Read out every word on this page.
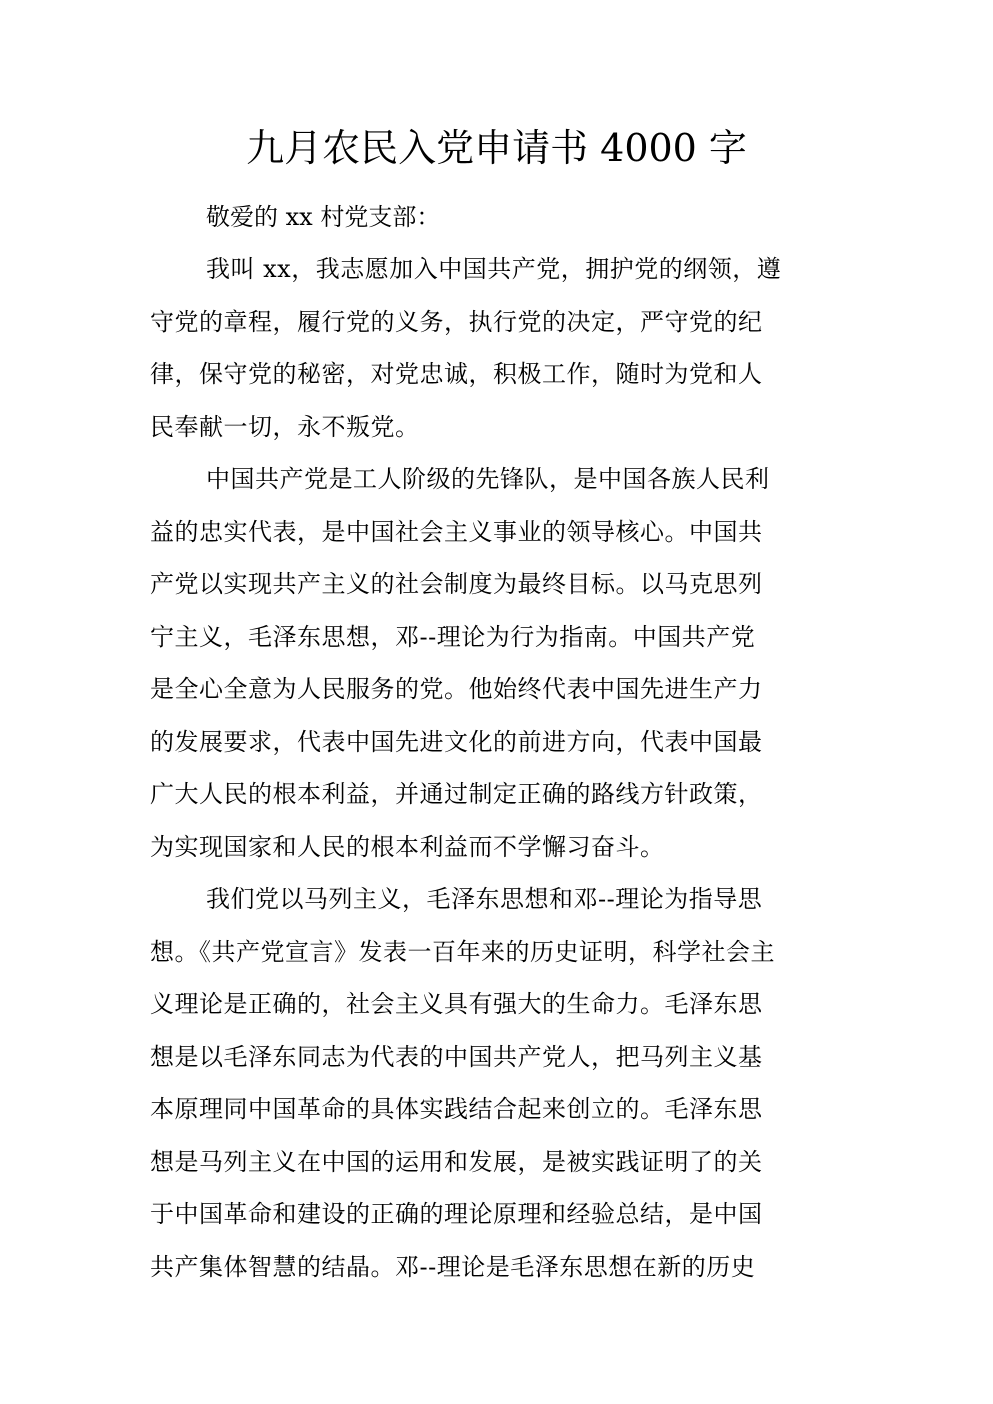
九月农民入党申请书 4000 字

敬爱的 xx 村党支部：

我叫 xx，我志愿加入中国共产党，拥护党的纲领，遵

守党的章程，履行党的义务，执行党的决定，严守党的纪

律，保守党的秘密，对党忠诚，积极工作，随时为党和人

民奉献一切，永不叛党。

中国共产党是工人阶级的先锋队，是中国各族人民利

益的忠实代表，是中国社会主义事业的领导核心。中国共

产党以实现共产主义的社会制度为最终目标。以马克思列

宁主义，毛泽东思想，邓--理论为行为指南。中国共产党

是全心全意为人民服务的党。他始终代表中国先进生产力

的发展要求，代表中国先进文化的前进方向，代表中国最

广大人民的根本利益，并通过制定正确的路线方针政策，

为实现国家和人民的根本利益而不学懈习奋斗。

我们党以马列主义，毛泽东思想和邓--理论为指导思

想。《共产党宣言》发表一百年来的历史证明，科学社会主

义理论是正确的，社会主义具有强大的生命力。毛泽东思

想是以毛泽东同志为代表的中国共产党人，把马列主义基

本原理同中国革命的具体实践结合起来创立的。毛泽东思

想是马列主义在中国的运用和发展，是被实践证明了的关

于中国革命和建设的正确的理论原理和经验总结，是中国

共产集体智慧的结晶。邓--理论是毛泽东思想在新的历史
